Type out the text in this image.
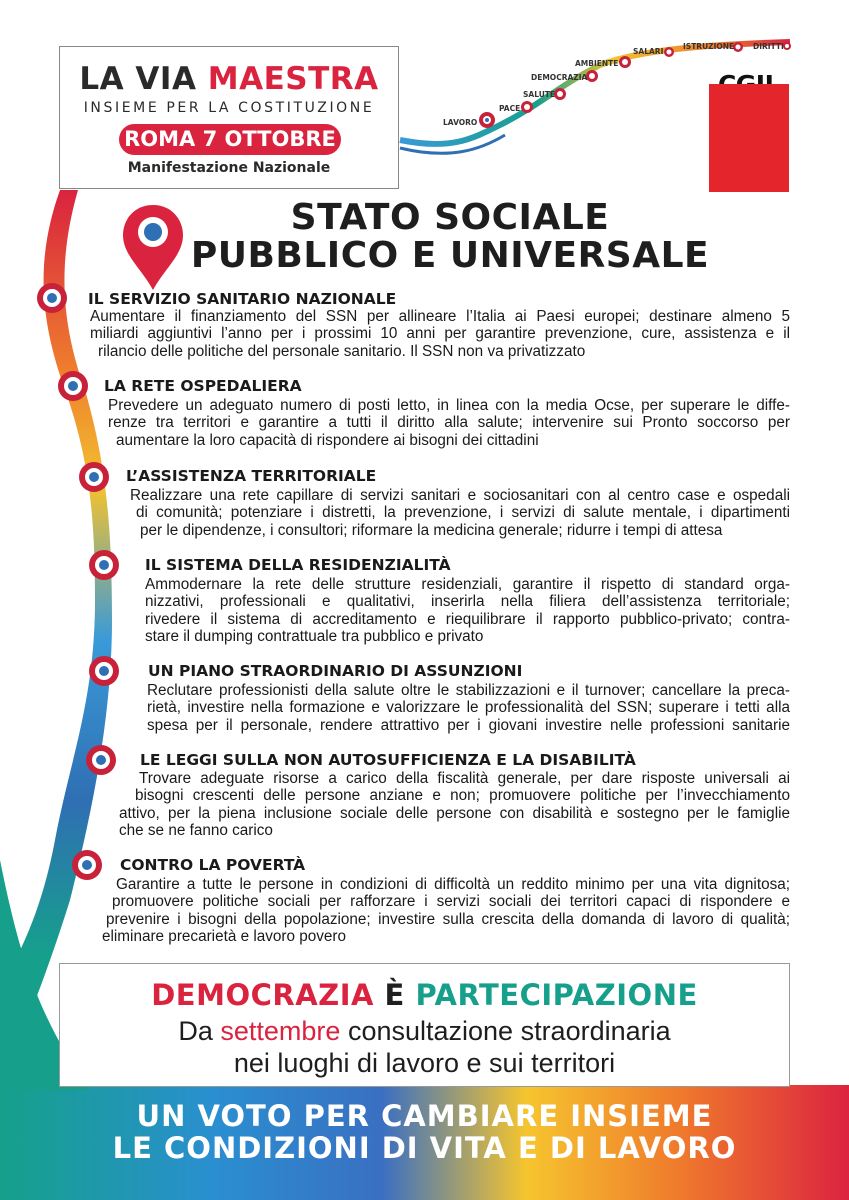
LA VIA MAESTRA
INSIEME PER LA COSTITUZIONE
ROMA 7 OTTOBRE
Manifestazione Nazionale
LAVORO
PACE
SALUTE
DEMOCRAZIA
AMBIENTE
SALARI
ISTRUZIONE	DIRITTI
STATO SOCIALE
PUBBLICO E UNIVERSALE
IL SERVIZIO SANITARIO NAZIONALE
Aumentare il finanziamento del SSN per allineare l’Italia ai Paesi europei; destinare almeno 5
miliardi aggiuntivi l’anno per i prossimi 10 anni per garantire prevenzione, cure, assistenza e il
rilancio delle politiche del personale sanitario. Il SSN non va privatizzato
LA RETE OSPEDALIERA
Prevedere un adeguato numero di posti letto, in linea con la media Ocse, per superare le diffe-
renze tra territori e garantire a tutti il diritto alla salute; intervenire sui Pronto soccorso per
aumentare la loro capacità di rispondere ai bisogni dei cittadini
L’ASSISTENZA TERRITORIALE
Realizzare una rete capillare di servizi sanitari e sociosanitari con al centro case e ospedali
di comunità; potenziare i distretti, la prevenzione, i servizi di salute mentale, i dipartimenti
per le dipendenze, i consultori; riformare la medicina generale; ridurre i tempi di attesa
IL SISTEMA DELLA RESIDENZIALITÀ
Ammodernare la rete delle strutture residenziali, garantire il rispetto di standard orga-
nizzativi, professionali e qualitativi, inserirla nella filiera dell’assistenza territoriale;
rivedere il sistema di accreditamento e riequilibrare il rapporto pubblico-privato; contra-
stare il dumping contrattuale tra pubblico e privato
UN PIANO STRAORDINARIO DI ASSUNZIONI
Reclutare professionisti della salute oltre le stabilizzazioni e il turnover; cancellare la preca-
rietà, investire nella formazione e valorizzare le professionalità del SSN; superare i tetti alla
spesa per il personale, rendere attrattivo per i giovani investire nelle professioni sanitarie
LE LEGGI SULLA NON AUTOSUFFICIENZA E LA DISABILITÀ
Trovare adeguate risorse a carico della fiscalità generale, per dare risposte universali ai
bisogni crescenti delle persone anziane e non; promuovere politiche per l’invecchiamento
attivo, per la piena inclusione sociale delle persone con disabilità e sostegno per le famiglie
che se ne fanno carico
CONTRO LA POVERTÀ
Garantire a tutte le persone in condizioni di difficoltà un reddito minimo per una vita dignitosa;
promuovere politiche sociali per rafforzare i servizi sociali dei territori capaci di rispondere e
prevenire i bisogni della popolazione; investire sulla crescita della domanda di lavoro di qualità;
eliminare precarietà e lavoro povero
DEMOCRAZIA È PARTECIPAZIONE
Da settembre consultazione straordinaria
nei luoghi di lavoro e sui territori
UN VOTO PER CAMBIARE INSIEME
LE CONDIZIONI DI VITA E DI LAVORO
